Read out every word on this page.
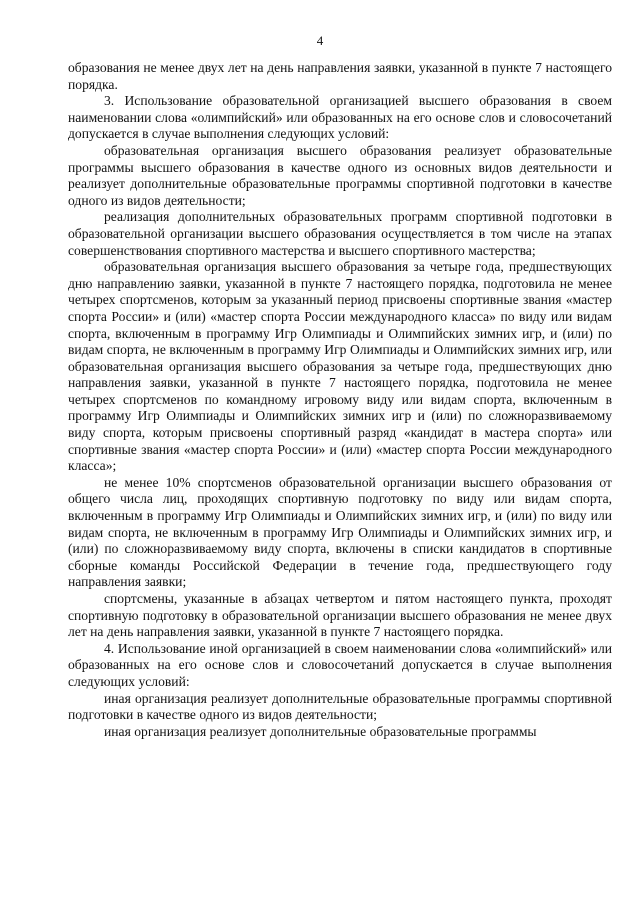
4

образования не менее двух лет на день направления заявки, указанной в пункте 7 настоящего порядка.

3. Использование образовательной организацией высшего образования в своем наименовании слова «олимпийский» или образованных на его основе слов и словосочетаний допускается в случае выполнения следующих условий:

образовательная организация высшего образования реализует образовательные программы высшего образования в качестве одного из основных видов деятельности и реализует дополнительные образовательные программы спортивной подготовки в качестве одного из видов деятельности;

реализация дополнительных образовательных программ спортивной подготовки в образовательной организации высшего образования осуществляется в том числе на этапах совершенствования спортивного мастерства и высшего спортивного мастерства;

образовательная организация высшего образования за четыре года, предшествующих дню направлению заявки, указанной в пункте 7 настоящего порядка, подготовила не менее четырех спортсменов, которым за указанный период присвоены спортивные звания «мастер спорта России» и (или) «мастер спорта России международного класса» по виду или видам спорта, включенным в программу Игр Олимпиады и Олимпийских зимних игр, и (или) по видам спорта, не включенным в программу Игр Олимпиады и Олимпийских зимних игр, или образовательная организация высшего образования за четыре года, предшествующих дню направления заявки, указанной в пункте 7 настоящего порядка, подготовила не менее четырех спортсменов по командному игровому виду или видам спорта, включенным в программу Игр Олимпиады и Олимпийских зимних игр и (или) по сложноразвиваемому виду спорта, которым присвоены спортивный разряд «кандидат в мастера спорта» или спортивные звания «мастер спорта России» и (или) «мастер спорта России международного класса»;

не менее 10% спортсменов образовательной организации высшего образования от общего числа лиц, проходящих спортивную подготовку по виду или видам спорта, включенным в программу Игр Олимпиады и Олимпийских зимних игр, и (или) по виду или видам спорта, не включенным в программу Игр Олимпиады и Олимпийских зимних игр, и (или) по сложноразвиваемому виду спорта, включены в списки кандидатов в спортивные сборные команды Российской Федерации в течение года, предшествующего году направления заявки;

спортсмены, указанные в абзацах четвертом и пятом настоящего пункта, проходят спортивную подготовку в образовательной организации высшего образования не менее двух лет на день направления заявки, указанной в пункте 7 настоящего порядка.

4. Использование иной организацией в своем наименовании слова «олимпийский» или образованных на его основе слов и словосочетаний допускается в случае выполнения следующих условий:

иная организация реализует дополнительные образовательные программы спортивной подготовки в качестве одного из видов деятельности;

иная организация реализует дополнительные образовательные программы
